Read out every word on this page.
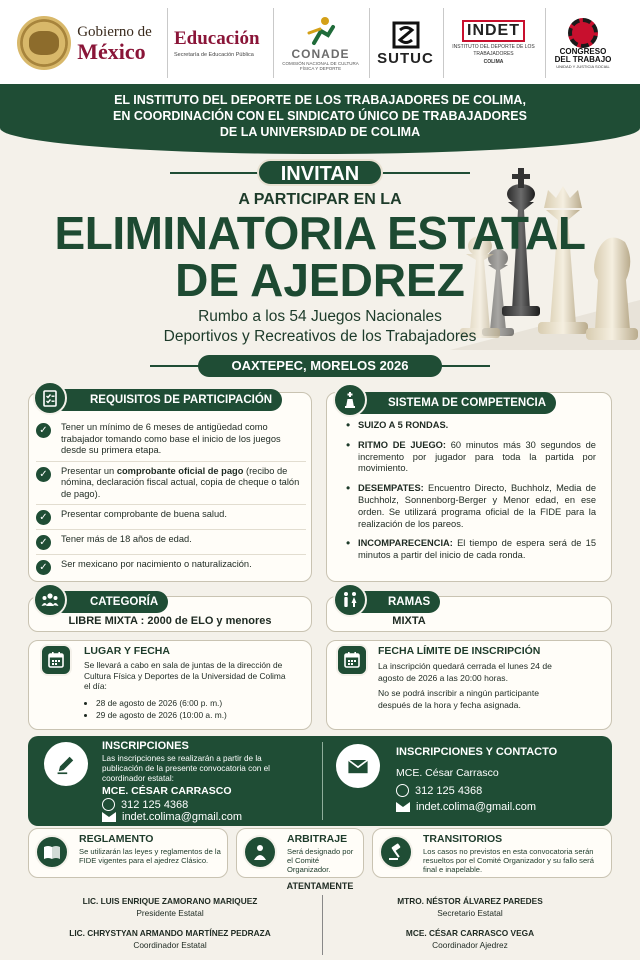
Gobierno de
México	Educación
Secretaría de Educación Pública	CONADE
COMISIÓN NACIONAL DE CULTURA FÍSICA Y DEPORTE
SUTUC
INDET
INSTITUTO DEL DEPORTE DE LOS TRABAJADORES
COLIMA
CONGRESO DEL TRABAJO
UNIDAD Y JUSTICIA SOCIAL
EL INSTITUTO DEL DEPORTE DE LOS TRABAJADORES DE COLIMA,
EN COORDINACIÓN CON EL SINDICATO ÚNICO DE TRABAJADORES
DE LA UNIVERSIDAD DE COLIMA
INVITAN
A PARTICIPAR EN LA
ELIMINATORIA ESTATAL
DE AJEDREZ
Rumbo a los 54 Juegos Nacionales
Deportivos y Recreativos de los Trabajadores
OAXTEPEC, MORELOS 2026
REQUISITOS DE PARTICIPACIÓN
✓	Tener un mínimo de 6 meses de antigüedad como trabajador tomando como base el inicio de los juegos desde su primera etapa.
✓	Presentar un comprobante oficial de pago (recibo de nómina, declaración fiscal actual, copia de cheque o talón de pago).
✓	Presentar comprobante de buena salud.
✓	Tener más de 18 años de edad.
✓	Ser mexicano por nacimiento o naturalización.
SISTEMA DE COMPETENCIA
• SUIZO A 5 RONDAS.
• RITMO DE JUEGO: 60 minutos más 30 segundos de incremento por jugador para toda la partida por movimiento.
• DESEMPATES: Encuentro Directo, Buchholz, Media de Buchholz, Sonnenborg-Berger y Menor edad, en ese orden. Se utilizará programa oficial de la FIDE para la realización de los pareos.
• INCOMPARECENCIA: El tiempo de espera será de 15 minutos a partir del inicio de cada ronda.
CATEGORÍA
LIBRE MIXTA : 2000 de ELO y menores
RAMAS
MIXTA
LUGAR Y FECHA
Se llevará a cabo en sala de juntas de la dirección de Cultura Física y Deportes de la Universidad de Colima el día:
• 28 de agosto de 2026 (6:00 p. m.)
• 29 de agosto de 2026 (10:00 a. m.)
FECHA LÍMITE DE INSCRIPCIÓN
La inscripción quedará cerrada el lunes 24 de agosto de 2026 a las 20:00 horas.
No se podrá inscribir a ningún participante después de la hora y fecha asignada.
INSCRIPCIONES
Las inscripciones se realizarán a partir de la publicación de la presente convocatoria con el coordinador estatal:
MCE. CÉSAR CARRASCO
312 125 4368
indet.colima@gmail.com
INSCRIPCIONES Y CONTACTO
MCE. César Carrasco
312 125 4368
indet.colima@gmail.com
REGLAMENTO
Se utilizarán las leyes y reglamentos de la FIDE vigentes para el ajedrez Clásico.
ARBITRAJE
Será designado por el Comité Organizador.
TRANSITORIOS
Los casos no previstos en esta convocatoria serán resueltos por el Comité Organizador y su fallo será final e inapelable.
ATENTAMENTE
LIC. LUIS ENRIQUE ZAMORANO MARIQUEZ
Presidente Estatal
MTRO. NÉSTOR ÁLVAREZ PAREDES
Secretario Estatal
LIC. CHRYSTYAN ARMANDO MARTÍNEZ PEDRAZA
Coordinador Estatal
MCE. CÉSAR CARRASCO VEGA
Coordinador Ajedrez
